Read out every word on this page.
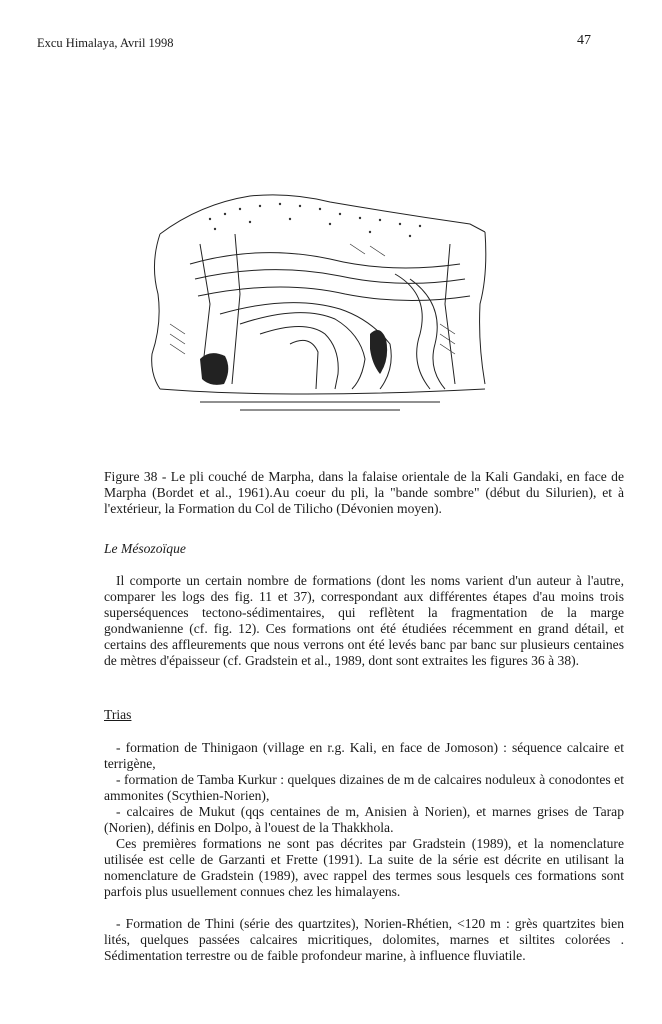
Excu Himalaya, Avril 1998	47

Figure 38 - Le pli couché de Marpha, dans la falaise orientale de la Kali Gandaki, en face de Marpha (Bordet et al., 1961).Au coeur du pli, la "bande sombre" (début du Silurien), et à l'extérieur, la Formation du Col de Tilicho (Dévonien moyen).

Le Mésozoïque

Il comporte un certain nombre de formations (dont les noms varient d'un auteur à l'autre, comparer les logs des fig. 11 et 37), correspondant aux différentes étapes d'au moins trois superséquences tectono-sédimentaires, qui reflètent la fragmentation de la marge gondwanienne (cf. fig. 12). Ces formations ont été étudiées récemment en grand détail, et certains des affleurements que nous verrons ont été levés banc par banc sur plusieurs centaines de mètres d'épaisseur (cf. Gradstein et al., 1989, dont sont extraites les figures 36 à 38).

Trias

- formation de Thinigaon (village en r.g. Kali, en face de Jomoson) : séquence calcaire et terrigène,

- formation de Tamba Kurkur : quelques dizaines de m de calcaires noduleux à conodontes et ammonites (Scythien-Norien),

- calcaires de Mukut (qqs centaines de m, Anisien à Norien), et marnes grises de Tarap (Norien), définis en Dolpo, à l'ouest de la Thakkhola.

Ces premières formations ne sont pas décrites par Gradstein (1989), et la nomenclature utilisée est celle de Garzanti et Frette (1991). La suite de la série est décrite en utilisant la nomenclature de Gradstein (1989), avec rappel des termes sous lesquels ces formations sont parfois plus usuellement connues chez les himalayens.

- Formation de Thini (série des quartzites), Norien-Rhétien, <120 m : grès quartzites bien lités, quelques passées calcaires micritiques, dolomites, marnes et siltites colorées . Sédimentation terrestre ou de faible profondeur marine, à influence fluviatile.
